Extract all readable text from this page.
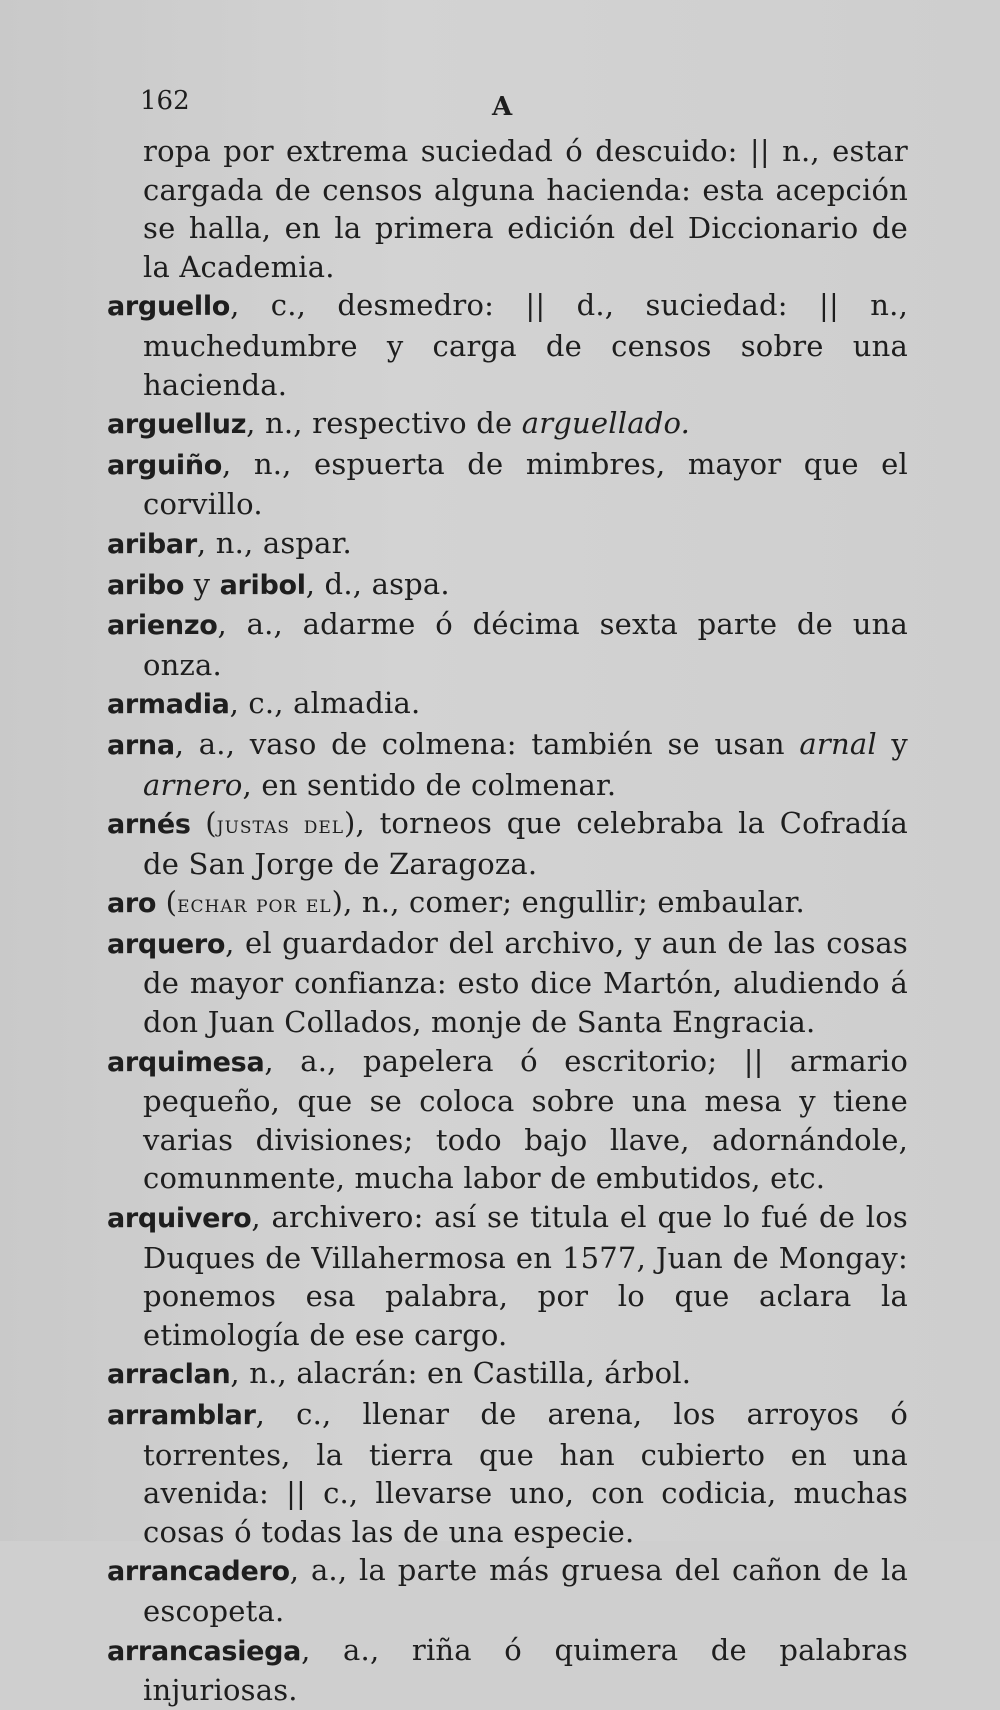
162	A
ropa por extrema suciedad ó descuido: || n., estar cargada de censos alguna hacienda: esta acepción se halla, en la primera edición del Diccionario de la Academia.
arguello, c., desmedro: || d., suciedad: || n., muchedumbre y carga de censos sobre una hacienda.
arguelluz, n., respectivo de arguellado.
arguiño, n., espuerta de mimbres, mayor que el corvillo.
aribar, n., aspar.
aribo y aribol, d., aspa.
arienzo, a., adarme ó décima sexta parte de una onza.
armadia, c., almadia.
arna, a., vaso de colmena: también se usan arnal y arnero, en sentido de colmenar.
arnés (justas del), torneos que celebraba la Cofradía de San Jorge de Zaragoza.
aro (echar por el), n., comer; engullir; embaular.
arquero, el guardador del archivo, y aun de las cosas de mayor confianza: esto dice Martón, aludiendo á don Juan Collados, monje de Santa Engracia.
arquimesa, a., papelera ó escritorio; || armario pequeño, que se coloca sobre una mesa y tiene varias divisiones; todo bajo llave, adornándole, comunmente, mucha labor de embutidos, etc.
arquivero, archivero: así se titula el que lo fué de los Duques de Villahermosa en 1577, Juan de Mongay: ponemos esa palabra, por lo que aclara la etimología de ese cargo.
arraclan, n., alacrán: en Castilla, árbol.
arramblar, c., llenar de arena, los arroyos ó torrentes, la tierra que han cubierto en una avenida: || c., llevarse uno, con codicia, muchas cosas ó todas las de una especie.
arrancadero, a., la parte más gruesa del cañon de la escopeta.
arrancasiega, a., riña ó quimera de palabras injuriosas.
